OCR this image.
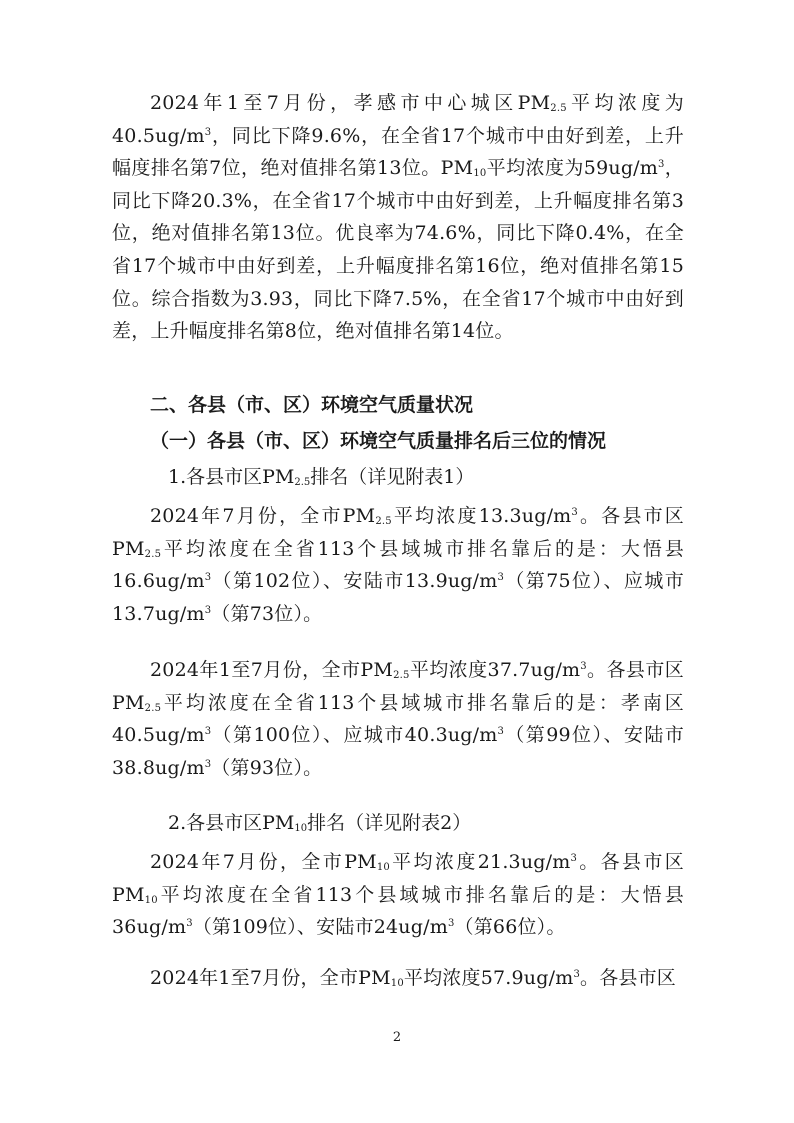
2024年1至7月份，孝感市中心城区$PM_{2.5}$平均浓度为$40.5ug/m^3$，同比下降9.6%，在全省17个城市中由好到差，上升幅度排名第7位，绝对值排名第13位。$PM_{10}$平均浓度为$59ug/m^3$，同比下降20.3%，在全省17个城市中由好到差，上升幅度排名第3位，绝对值排名第13位。优良率为74.6%，同比下降0.4%，在全省17个城市中由好到差，上升幅度排名第16位，绝对值排名第15位。综合指数为3.93，同比下降7.5%，在全省17个城市中由好到差，上升幅度排名第8位，绝对值排名第14位。
二、各县（市、区）环境空气质量状况
（一）各县（市、区）环境空气质量排名后三位的情况
1.各县市区$PM_{2.5}$排名（详见附表1）
2024年7月份，全市$PM_{2.5}$平均浓度$13.3ug/m^3$。各县市区$PM_{2.5}$平均浓度在全省113个县域城市排名靠后的是：大悟县$16.6ug/m^3$（第102位）、安陆市$13.9ug/m^3$（第75位）、应城市$13.7ug/m^3$（第73位）。
2024年1至7月份，全市$PM_{2.5}$平均浓度$37.7ug/m^3$。各县市区$PM_{2.5}$平均浓度在全省113个县域城市排名靠后的是：孝南区$40.5ug/m^3$（第100位）、应城市$40.3ug/m^3$（第99位）、安陆市$38.8ug/m^3$（第93位）。
2.各县市区$PM_{10}$排名（详见附表2）
2024年7月份，全市$PM_{10}$平均浓度$21.3ug/m^3$。各县市区$PM_{10}$平均浓度在全省113个县域城市排名靠后的是：大悟县$36ug/m^3$（第109位）、安陆市$24ug/m^3$（第66位）。
2024年1至7月份，全市$PM_{10}$平均浓度$57.9ug/m^3$。各县市区
2
